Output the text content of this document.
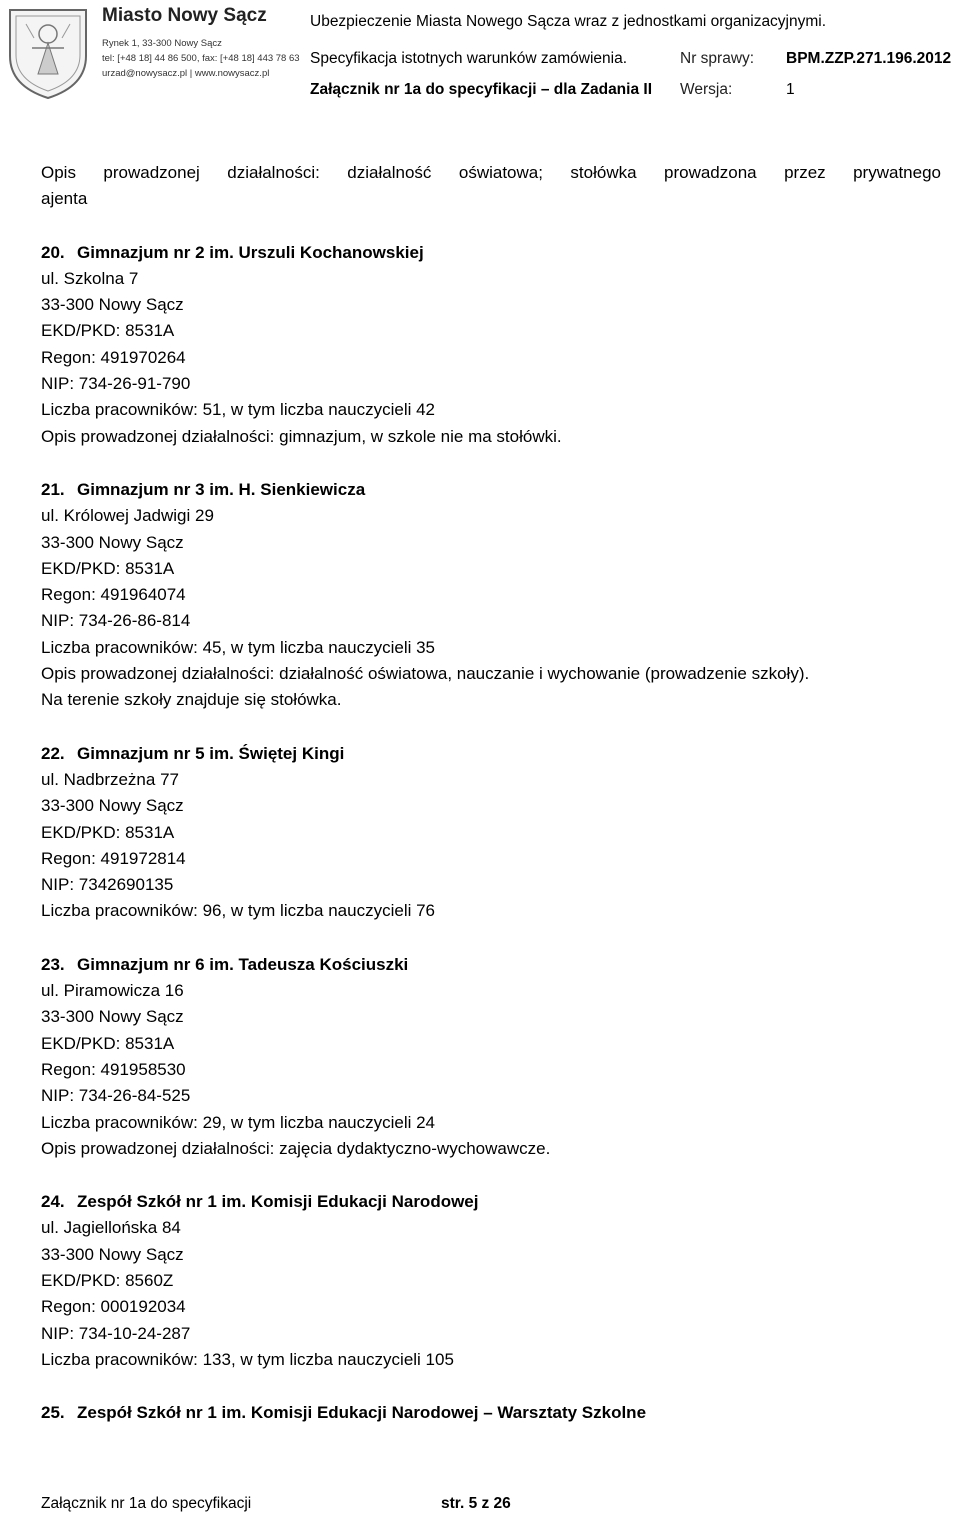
Miasto Nowy Sącz
Rynek 1, 33-300 Nowy Sącz
tel: [+48 18] 44 86 500, fax: [+48 18] 443 78 63
urzad@nowysacz.pl | www.nowysacz.pl
Ubezpieczenie Miasta Nowego Sącza wraz z jednostkami organizacyjnymi.
Specyfikacja istotnych warunków zamówienia.	Nr sprawy: BPM.ZZP.271.196.2012
Załącznik nr 1a do specyfikacji – dla Zadania II Wersja:	1
Opis prowadzonej działalności: działalność oświatowa; stołówka prowadzona przez prywatnego
ajenta
20. Gimnazjum nr 2 im. Urszuli Kochanowskiej
ul. Szkolna 7
33-300 Nowy Sącz
EKD/PKD: 8531A
Regon: 491970264
NIP: 734-26-91-790
Liczba pracowników: 51, w tym liczba nauczycieli 42
Opis prowadzonej działalności: gimnazjum, w szkole nie ma stołówki.
21. Gimnazjum nr 3 im. H. Sienkiewicza
ul. Królowej Jadwigi 29
33-300 Nowy Sącz
EKD/PKD: 8531A
Regon: 491964074
NIP: 734-26-86-814
Liczba pracowników: 45, w tym liczba nauczycieli 35
Opis prowadzonej działalności: działalność oświatowa, nauczanie i wychowanie (prowadzenie szkoły).
Na terenie szkoły znajduje się stołówka.
22. Gimnazjum nr 5 im. Świętej Kingi
ul. Nadbrzeżna 77
33-300 Nowy Sącz
EKD/PKD: 8531A
Regon: 491972814
NIP: 7342690135
Liczba pracowników: 96, w tym liczba nauczycieli 76
23. Gimnazjum nr 6 im. Tadeusza Kościuszki
ul. Piramowicza 16
33-300 Nowy Sącz
EKD/PKD: 8531A
Regon: 491958530
NIP: 734-26-84-525
Liczba pracowników: 29, w tym liczba nauczycieli 24
Opis prowadzonej działalności: zajęcia dydaktyczno-wychowawcze.
24. Zespół Szkół nr 1 im. Komisji Edukacji Narodowej
ul. Jagiellońska 84
33-300 Nowy Sącz
EKD/PKD: 8560Z
Regon: 000192034
NIP: 734-10-24-287
Liczba pracowników: 133, w tym liczba nauczycieli 105
25. Zespół Szkół nr 1 im. Komisji Edukacji Narodowej – Warsztaty Szkolne
Załącznik nr 1a do specyfikacji	str. 5 z 26
